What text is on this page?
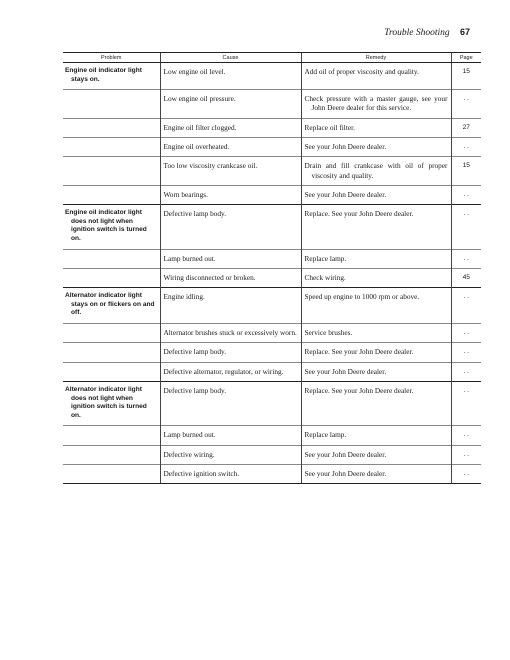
Trouble Shooting 67
Problem	Cause	Remedy	Page

Engine oil indicator light stays on.	Low engine oil level.	Add oil of proper viscosity and quality.	15

	Low engine oil pressure.	Check pressure with a master gauge, see your John Deere dealer for this service.	. .

	Engine oil filter clogged.	Replace oil filter.	27

	Engine oil overheated.	See your John Deere dealer.	. .

	Too low viscosity crankcase oil.	Drain and fill crankcase with oil of proper viscosity and quality.	15

	Worn bearings.	See your John Deere dealer.	. .

Engine oil indicator light does not light when ignition switch is turned on.	Defective lamp body.	Replace. See your John Deere dealer.	. .

	Lamp burned out.	Replace lamp.	. .

	Wiring disconnected or broken.	Check wiring.	45

Alternator indicator light stays on or flickers on and off.	Engine idling.	Speed up engine to 1000 rpm or above.	. .

	Alternator brushes stuck or excessively worn.	Service brushes.	. .

	Defective lamp body.	Replace. See your John Deere dealer.	. .

	Defective alternator, regulator, or wiring.	See your John Deere dealer.	. .

Alternator indicator light does not light when ignition switch is turned on.	Defective lamp body.	Replace. See your John Deere dealer.	. .

	Lamp burned out.	Replace lamp.	. .

	Defective wiring.	See your John Deere dealer.	. .

	Defective ignition switch.	See your John Deere dealer.	. .
